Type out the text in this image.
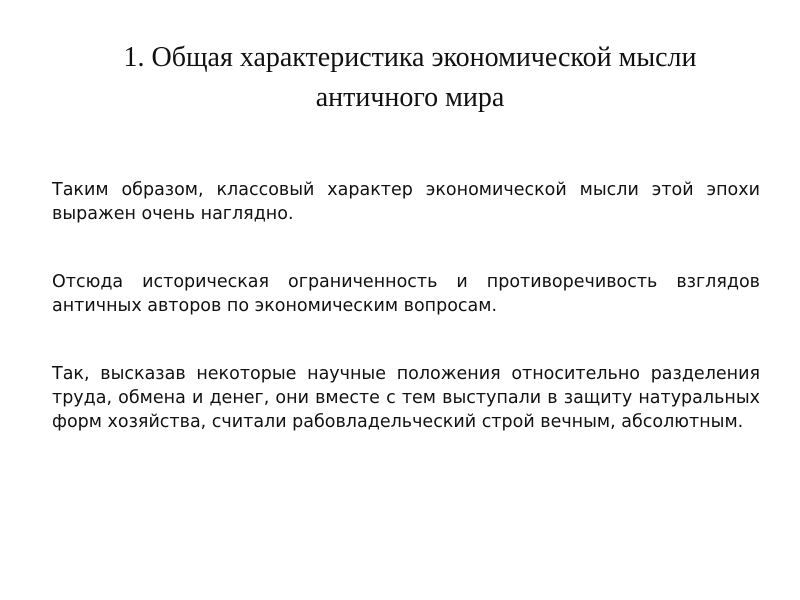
1. Общая характеристика экономической мысли античного мира

Таким образом, классовый характер экономической мысли этой эпохи выражен очень наглядно.

Отсюда историческая ограниченность и противоречивость взглядов античных авторов по экономическим вопросам.

Так, высказав некоторые научные положения относительно разделения труда, обмена и денег, они вместе с тем выступали в защиту натуральных форм хозяйства, считали рабовладельческий строй вечным, абсолютным.
